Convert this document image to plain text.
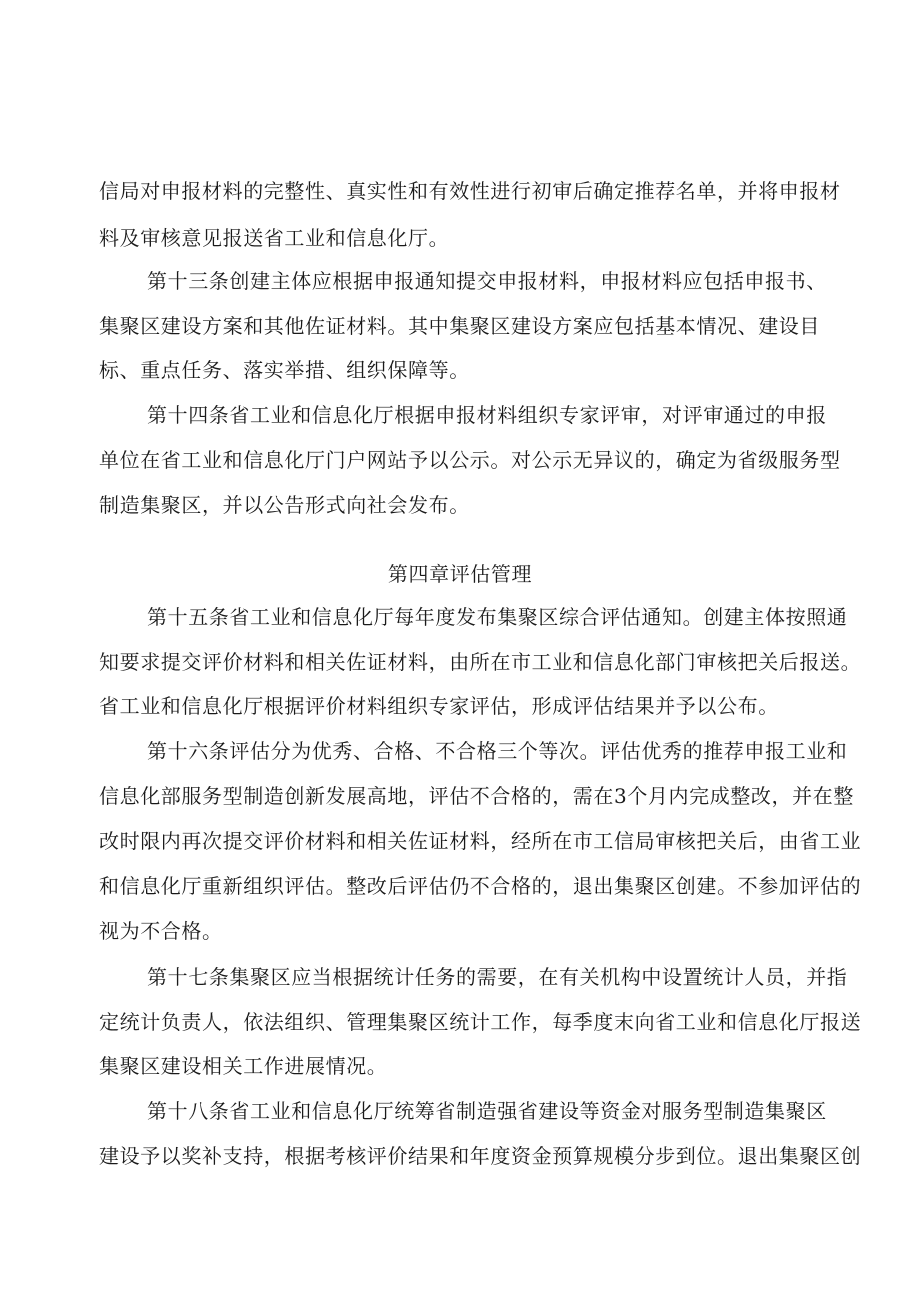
信局对申报材料的完整性、真实性和有效性进行初审后确定推荐名单，并将申报材
料及审核意见报送省工业和信息化厅。
第十三条创建主体应根据申报通知提交申报材料，申报材料应包括申报书、
集聚区建设方案和其他佐证材料。其中集聚区建设方案应包括基本情况、建设目
标、重点任务、落实举措、组织保障等。
第十四条省工业和信息化厅根据申报材料组织专家评审，对评审通过的申报
单位在省工业和信息化厅门户网站予以公示。对公示无异议的，确定为省级服务型
制造集聚区，并以公告形式向社会发布。
第四章评估管理
第十五条省工业和信息化厅每年度发布集聚区综合评估通知。创建主体按照通
知要求提交评价材料和相关佐证材料，由所在市工业和信息化部门审核把关后报送。
省工业和信息化厅根据评价材料组织专家评估，形成评估结果并予以公布。
第十六条评估分为优秀、合格、不合格三个等次。评估优秀的推荐申报工业和
信息化部服务型制造创新发展高地，评估不合格的，需在3个月内完成整改，并在整
改时限内再次提交评价材料和相关佐证材料，经所在市工信局审核把关后，由省工业
和信息化厅重新组织评估。整改后评估仍不合格的，退出集聚区创建。不参加评估的
视为不合格。
第十七条集聚区应当根据统计任务的需要，在有关机构中设置统计人员，并指
定统计负责人，依法组织、管理集聚区统计工作，每季度末向省工业和信息化厅报送
集聚区建设相关工作进展情况。
第十八条省工业和信息化厅统筹省制造强省建设等资金对服务型制造集聚区
建设予以奖补支持，根据考核评价结果和年度资金预算规模分步到位。退出集聚区创
